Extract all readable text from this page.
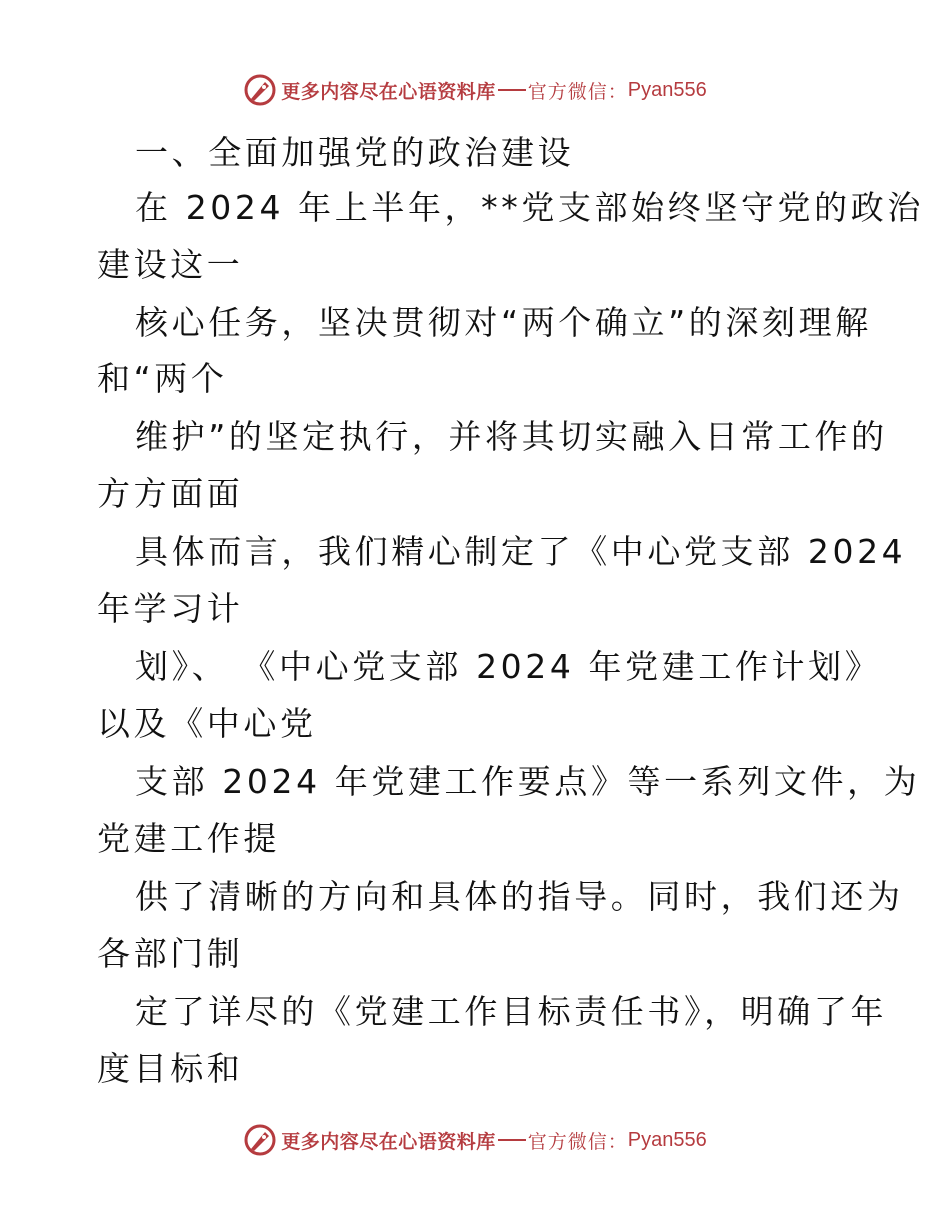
更多内容尽在心语资料库 官方微信： Pyan556
一、全面加强党的政治建设
在 2024 年上半年，**党支部始终坚守党的政治
建设这一
核心任务，坚决贯彻对“两个确立”的深刻理解
和“两个
维护”的坚定执行，并将其切实融入日常工作的
方方面面
具体而言，我们精心制定了《中心党支部 2024
年学习计
划》、 《中心党支部 2024 年党建工作计划》
以及《中心党
支部 2024 年党建工作要点》等一系列文件，为
党建工作提
供了清晰的方向和具体的指导。同时，我们还为
各部门制
定了详尽的《党建工作目标责任书》，明确了年
度目标和
更多内容尽在心语资料库 官方微信： Pyan556
